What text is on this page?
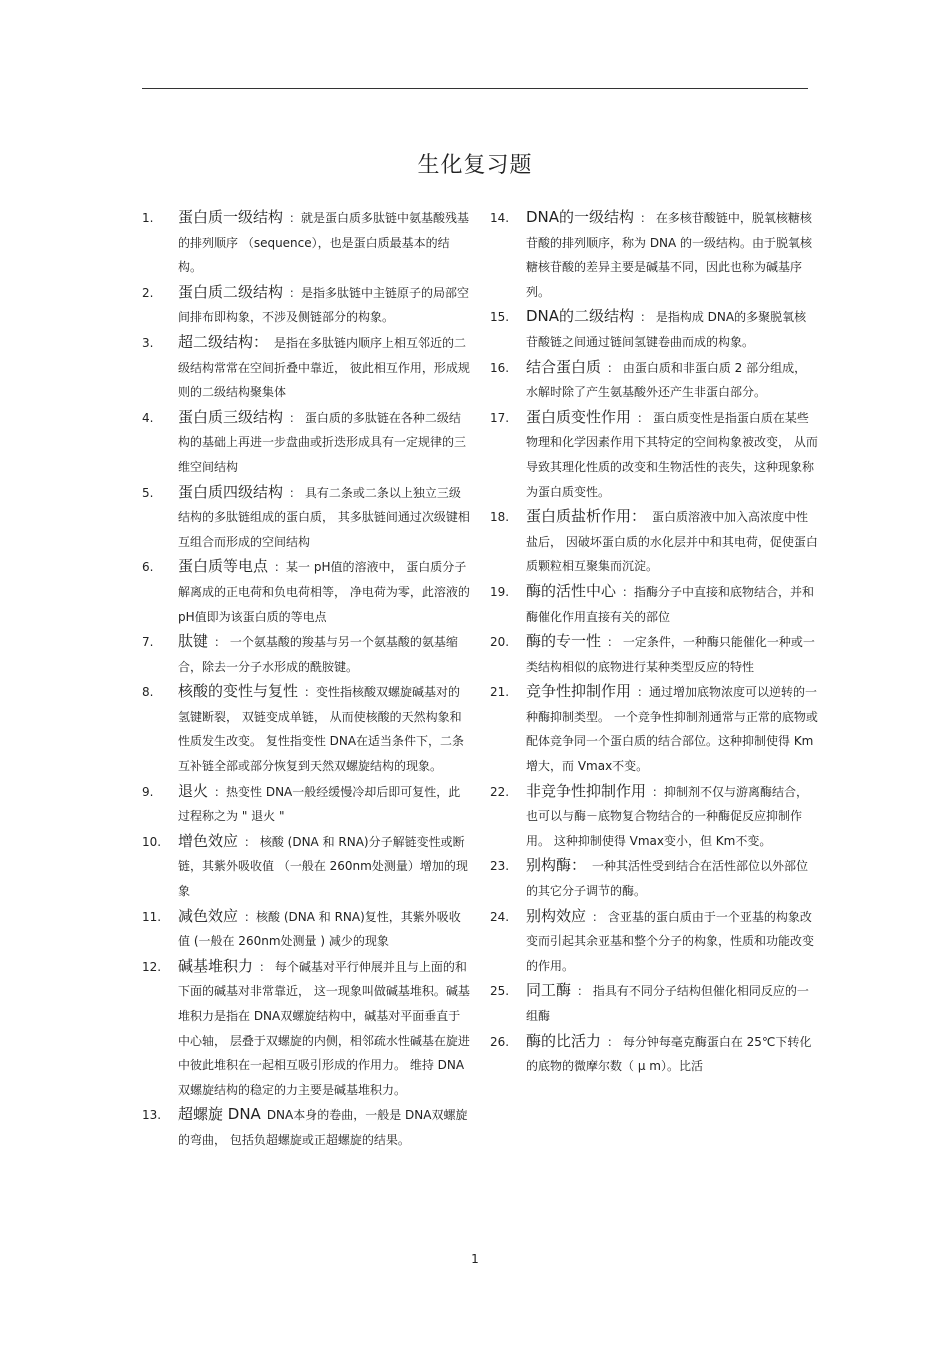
生化复习题
1. 蛋白质一级结构 ：就是蛋白质多肽链中氨基酸残基的排列顺序 （sequence），也是蛋白质最基本的结构。
2. 蛋白质二级结构 ：是指多肽链中主链原子的局部空间排布即构象，不涉及侧链部分的构象。
3. 超二级结构： 是指在多肽链内顺序上相互邻近的二级结构常常在空间折叠中靠近， 彼此相互作用，形成规则的二级结构聚集体
4. 蛋白质三级结构 ： 蛋白质的多肽链在各种二级结构的基础上再进一步盘曲或折迭形成具有一定规律的三维空间结构
5. 蛋白质四级结构 ： 具有二条或二条以上独立三级结构的多肽链组成的蛋白质， 其多肽链间通过次级键相互组合而形成的空间结构
6. 蛋白质等电点 ：某一 pH值的溶液中， 蛋白质分子解离成的正电荷和负电荷相等， 净电荷为零，此溶液的 pH值即为该蛋白质的等电点
7. 肽键 ： 一个氨基酸的羧基与另一个氨基酸的氨基缩合，除去一分子水形成的酰胺键。
8. 核酸的变性与复性 ：变性指核酸双螺旋碱基对的氢键断裂， 双链变成单链， 从而使核酸的天然构象和性质发生改变。 复性指变性 DNA在适当条件下，二条互补链全部或部分恢复到天然双螺旋结构的现象。
9. 退火 ：热变性 DNA一般经缓慢冷却后即可复性，此过程称之为 " 退火 "
10. 增色效应 ： 核酸 (DNA 和 RNA)分子解链变性或断链，其紫外吸收值 （一般在 260nm处测量）增加的现象
11. 减色效应 ：核酸 (DNA 和 RNA)复性，其紫外吸收值 (一般在 260nm处测量 ) 减少的现象
12. 碱基堆积力 ： 每个碱基对平行伸展并且与上面的和下面的碱基对非常靠近， 这一现象叫做碱基堆积。碱基堆积力是指在 DNA双螺旋结构中，碱基对平面垂直于中心轴， 层叠于双螺旋的内侧，相邻疏水性碱基在旋进中彼此堆积在一起相互吸引形成的作用力。 维持 DNA双螺旋结构的稳定的力主要是碱基堆积力。
13. 超螺旋 DNA DNA本身的卷曲，一般是 DNA双螺旋的弯曲， 包括负超螺旋或正超螺旋的结果。
14. DNA的一级结构 ： 在多核苷酸链中，脱氧核糖核苷酸的排列顺序，称为 DNA 的一级结构。由于脱氧核糖核苷酸的差异主要是碱基不同，因此也称为碱基序列。
15. DNA的二级结构 ： 是指构成 DNA的多聚脱氧核苷酸链之间通过链间氢键卷曲而成的构象。
16. 结合蛋白质 ： 由蛋白质和非蛋白质 2 部分组成，水解时除了产生氨基酸外还产生非蛋白部分。
17. 蛋白质变性作用 ： 蛋白质变性是指蛋白质在某些物理和化学因素作用下其特定的空间构象被改变， 从而导致其理化性质的改变和生物活性的丧失，这种现象称为蛋白质变性。
18. 蛋白质盐析作用： 蛋白质溶液中加入高浓度中性盐后， 因破坏蛋白质的水化层并中和其电荷，促使蛋白质颗粒相互聚集而沉淀。
19. 酶的活性中心 ：指酶分子中直接和底物结合，并和酶催化作用直接有关的部位
20. 酶的专一性 ： 一定条件，一种酶只能催化一种或一类结构相似的底物进行某种类型反应的特性
21. 竞争性抑制作用 ：通过增加底物浓度可以逆转的一种酶抑制类型。 一个竞争性抑制剂通常与正常的底物或配体竞争同一个蛋白质的结合部位。这种抑制使得 Km增大，而 Vmax不变。
22. 非竞争性抑制作用 ：抑制剂不仅与游离酶结合，也可以与酶－底物复合物结合的一种酶促反应抑制作用。 这种抑制使得 Vmax变小，但 Km不变。
23. 别构酶： 一种其活性受到结合在活性部位以外部位的其它分子调节的酶。
24. 别构效应 ： 含亚基的蛋白质由于一个亚基的构象改变而引起其余亚基和整个分子的构象，性质和功能改变的作用。
25. 同工酶 ： 指具有不同分子结构但催化相同反应的一组酶
26. 酶的比活力 ： 每分钟每毫克酶蛋白在 25℃下转化的底物的微摩尔数（ μ m）。比活
1
